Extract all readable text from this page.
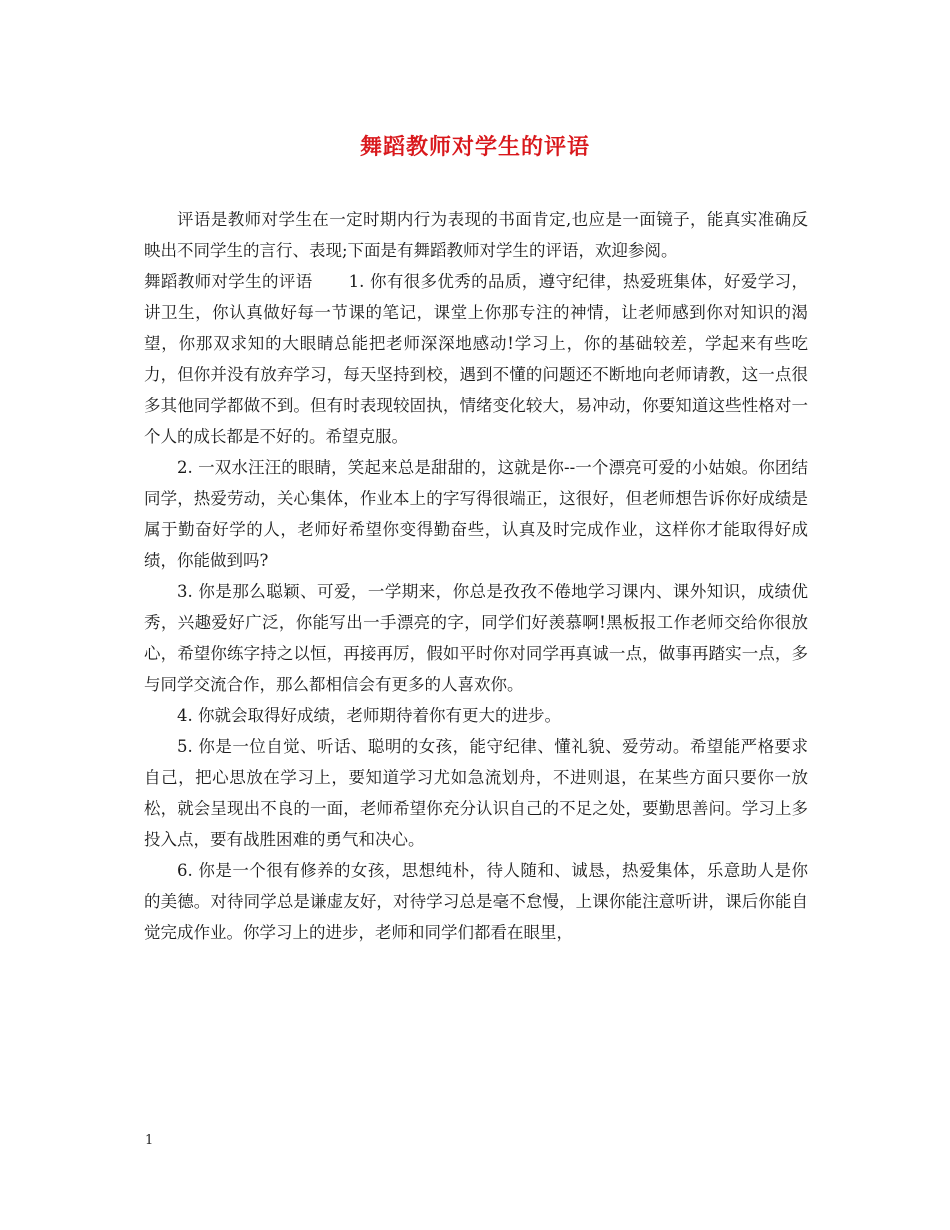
舞蹈教师对学生的评语

评语是教师对学生在一定时期内行为表现的书面肯定,也应是一面镜子，能真实准确反映出不同学生的言行、表现;下面是有舞蹈教师对学生的评语，欢迎参阅。

舞蹈教师对学生的评语 1. 你有很多优秀的品质，遵守纪律，热爱班集体，好爱学习，讲卫生，你认真做好每一节课的笔记，课堂上你那专注的神情，让老师感到你对知识的渴望，你那双求知的大眼睛总能把老师深深地感动!学习上，你的基础较差，学起来有些吃力，但你并没有放弃学习，每天坚持到校，遇到不懂的问题还不断地向老师请教，这一点很多其他同学都做不到。但有时表现较固执，情绪变化较大，易冲动，你要知道这些性格对一个人的成长都是不好的。希望克服。

2. 一双水汪汪的眼睛，笑起来总是甜甜的，这就是你--一个漂亮可爱的小姑娘。你团结同学，热爱劳动，关心集体，作业本上的字写得很端正，这很好，但老师想告诉你好成绩是属于勤奋好学的人，老师好希望你变得勤奋些，认真及时完成作业，这样你才能取得好成绩，你能做到吗?

3. 你是那么聪颖、可爱，一学期来，你总是孜孜不倦地学习课内、课外知识，成绩优秀，兴趣爱好广泛，你能写出一手漂亮的字，同学们好羡慕啊!黑板报工作老师交给你很放心，希望你练字持之以恒，再接再厉，假如平时你对同学再真诚一点，做事再踏实一点，多与同学交流合作，那么都相信会有更多的人喜欢你。

4. 你就会取得好成绩，老师期待着你有更大的进步。

5. 你是一位自觉、听话、聪明的女孩，能守纪律、懂礼貌、爱劳动。希望能严格要求自己，把心思放在学习上，要知道学习尤如急流划舟，不进则退，在某些方面只要你一放松，就会呈现出不良的一面，老师希望你充分认识自己的不足之处，要勤思善问。学习上多投入点，要有战胜困难的勇气和决心。

6. 你是一个很有修养的女孩，思想纯朴，待人随和、诚恳，热爱集体，乐意助人是你的美德。对待同学总是谦虚友好，对待学习总是毫不怠慢，上课你能注意听讲，课后你能自觉完成作业。你学习上的进步，老师和同学们都看在眼里，

1
